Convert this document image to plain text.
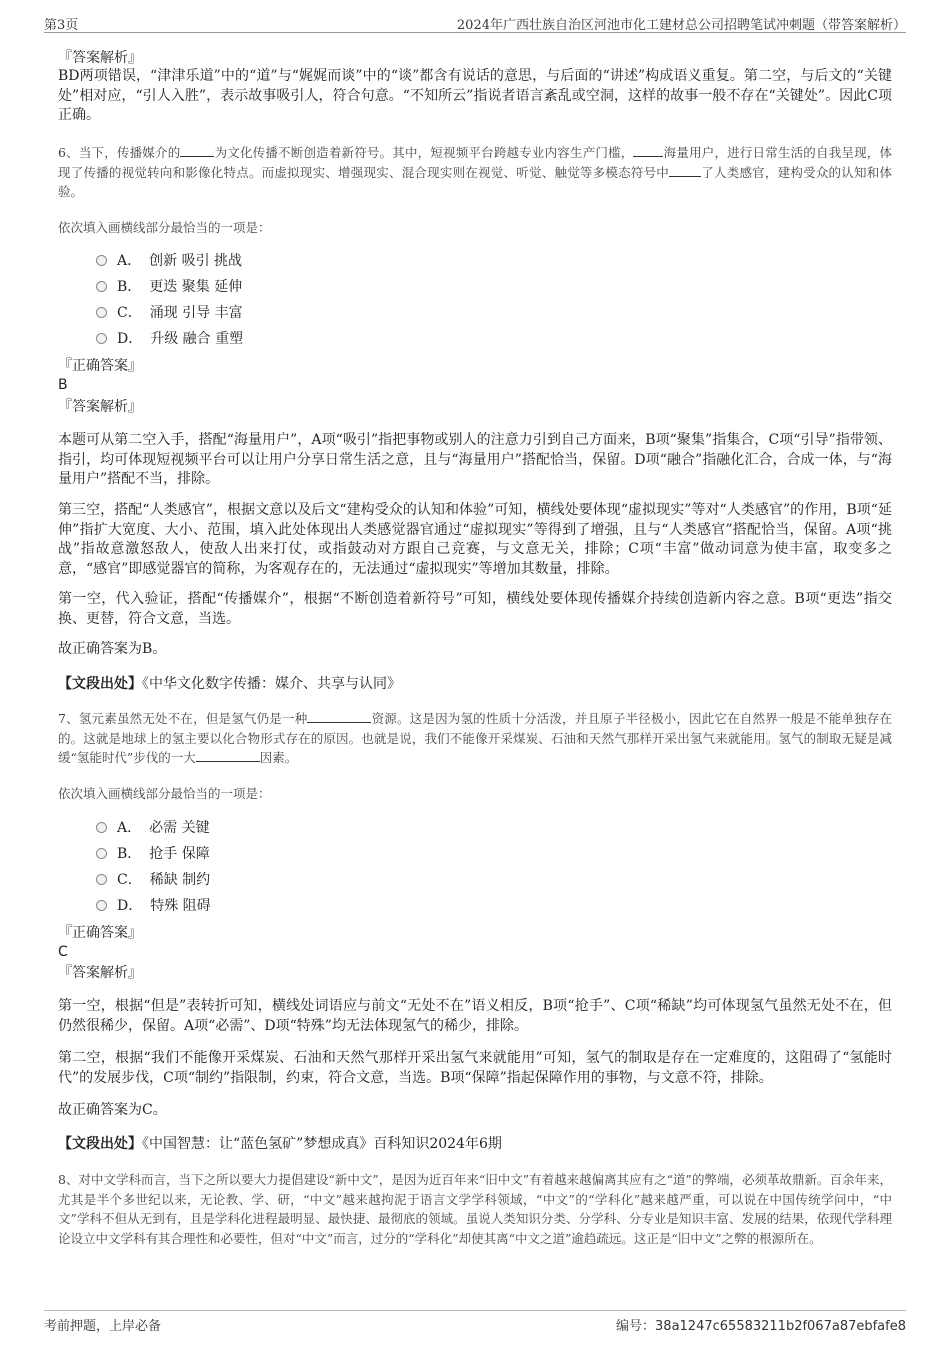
第3页	2024年广西壮族自治区河池市化工建材总公司招聘笔试冲刺题（带答案解析）
『答案解析』
BD两项错误，“津津乐道”中的“道”与“娓娓而谈”中的“谈”都含有说话的意思，与后面的“讲述”构成语义重复。第二空，与后文的“关键处”相对应，“引人入胜”，表示故事吸引人，符合句意。“不知所云”指说者语言紊乱或空洞，这样的故事一般不存在“关键处”。因此C项正确。
6、当下，传播媒介的	为文化传播不断创造着新符号。其中，短视频平台跨越专业内容生产门槛， 海量用户，进行日常生活的自我呈现，体现了传播的视觉转向和影像化特点。而虚拟现实、增强现实、混合现实则在视觉、听觉、触觉等多模态符号中	了人类感官，建构受众的认知和体验。
依次填入画横线部分最恰当的一项是：
A． 创新 吸引 挑战
B． 更迭 聚集 延伸
C． 涌现 引导 丰富
D． 升级 融合 重塑
『正确答案』
B
『答案解析』
本题可从第二空入手，搭配“海量用户”，A项“吸引”指把事物或别人的注意力引到自己方面来，B项“聚集”指集合，C项“引导”指带领、指引，均可体现短视频平台可以让用户分享日常生活之意，且与“海量用户”搭配恰当，保留。D项“融合”指融化汇合，合成一体，与“海量用户”搭配不当，排除。
第三空，搭配“人类感官”，根据文意以及后文“建构受众的认知和体验”可知，横线处要体现“虚拟现实”等对“人类感官”的作用，B项“延伸”指扩大宽度、大小、范围，填入此处体现出人类感觉器官通过“虚拟现实”等得到了增强，且与“人类感官”搭配恰当，保留。A项“挑战”指故意激怒敌人，使敌人出来打仗，或指鼓动对方跟自己竞赛，与文意无关，排除；C项“丰富”做动词意为使丰富，取变多之意，“感官”即感觉器官的简称，为客观存在的，无法通过“虚拟现实”等增加其数量，排除。
第一空，代入验证，搭配“传播媒介”，根据“不断创造着新符号”可知，横线处要体现传播媒介持续创造新内容之意。B项“更迭”指交换、更替，符合文意，当选。
故正确答案为B。
【文段出处】《中华文化数字传播：媒介、共享与认同》
7、氢元素虽然无处不在，但是氢气仍是一种	资源。这是因为氢的性质十分活泼，并且原子半径极小，因此它在自然界一般是不能单独存在的。这就是地球上的氢主要以化合物形式存在的原因。也就是说，我们不能像开采煤炭、石油和天然气那样开采出氢气来就能用。氢气的制取无疑是减缓“氢能时代”步伐的一大	因素。
依次填入画横线部分最恰当的一项是：
A． 必需 关键
B． 抢手 保障
C． 稀缺 制约
D． 特殊 阻碍
『正确答案』
C
『答案解析』
第一空，根据“但是”表转折可知，横线处词语应与前文“无处不在”语义相反，B项“抢手”、C项“稀缺”均可体现氢气虽然无处不在，但仍然很稀少，保留。A项“必需”、D项“特殊”均无法体现氢气的稀少，排除。
第二空，根据“我们不能像开采煤炭、石油和天然气那样开采出氢气来就能用”可知，氢气的制取是存在一定难度的，这阻碍了“氢能时代”的发展步伐，C项“制约”指限制，约束，符合文意，当选。B项“保障”指起保障作用的事物，与文意不符，排除。
故正确答案为C。
【文段出处】《中国智慧：让“蓝色氢矿”梦想成真》百科知识2024年6期
8、对中文学科而言，当下之所以要大力提倡建设“新中文”，是因为近百年来“旧中文”有着越来越偏离其应有之“道”的弊端，必须革故鼎新。百余年来，尤其是半个多世纪以来，无论教、学、研，“中文”越来越拘泥于语言文学学科领域，“中文”的“学科化”越来越严重，可以说在中国传统学问中，“中文”学科不但从无到有，且是学科化进程最明显、最快捷、最彻底的领域。虽说人类知识分类、分学科、分专业是知识丰富、发展的结果，依现代学科理论设立中文学科有其合理性和必要性，但对“中文”而言，过分的“学科化”却使其离“中文之道”逾趋疏远。这正是“旧中文”之弊的根源所在。
考前押题，上岸必备	编号：38a1247c65583211b2f067a87ebfafe8
